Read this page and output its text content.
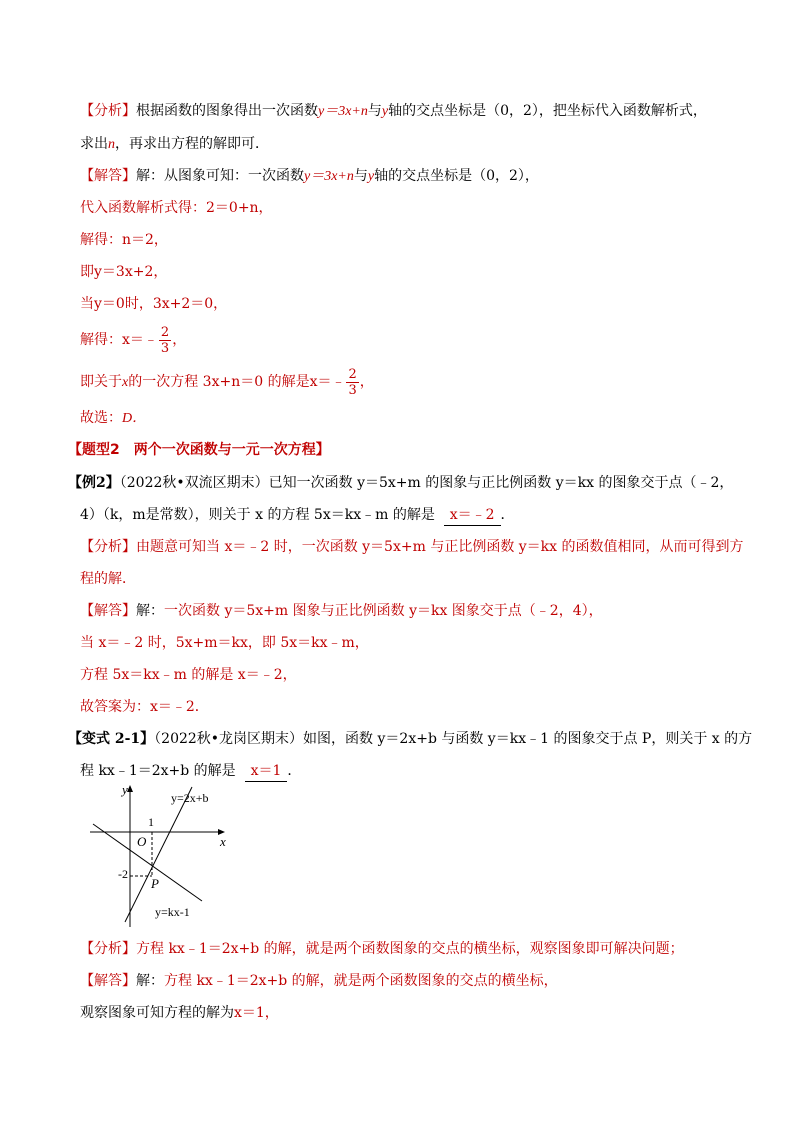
【分析】根据函数的图象得出一次函数y＝3x+n与y轴的交点坐标是（0，2），把坐标代入函数解析式，
求出n，再求出方程的解即可．
【解答】解：从图象可知：一次函数y＝3x+n与y轴的交点坐标是（0，2），
代入函数解析式得：2＝0+n，
解得：n＝2，
即y＝3x+2，
当y＝0时，3x+2＝0，
解得：x＝﹣ $\frac{2}{3}$ ，
即关于x的一次方程 3x+n＝0 的解是x＝﹣ $\frac{2}{3}$ ，
故选：D．
【题型2　两个一次函数与一元一次方程】
【例2】（2022秋•双流区期末）已知一次函数 y＝5x+m 的图象与正比例函数 y＝kx 的图象交于点（﹣2，
4）（k，m是常数），则关于 x 的方程 5x＝kx﹣m 的解是 x＝﹣2 ．
【分析】由题意可知当 x＝﹣2 时，一次函数 y＝5x+m 与正比例函数 y＝kx 的函数值相同，从而可得到方
程的解．
【解答】解：一次函数 y＝5x+m 图象与正比例函数 y＝kx 图象交于点（﹣2，4），
当 x＝﹣2 时，5x+m＝kx，即 5x＝kx﹣m，
方程 5x＝kx﹣m 的解是 x＝﹣2，
故答案为：x＝﹣2．
【变式 2-1】（2022秋•龙岗区期末）如图，函数 y＝2x+b 与函数 y＝kx﹣1 的图象交于点 P，则关于 x 的方
程 kx﹣1＝2x+b 的解是 x＝1 ．
y
x
O
1
-2
P
y=2x+b
y=kx-1
【分析】方程 kx﹣1＝2x+b 的解，就是两个函数图象的交点的横坐标，观察图象即可解决问题；
【解答】解：方程 kx﹣1＝2x+b 的解，就是两个函数图象的交点的横坐标，
观察图象可知方程的解为x＝1，
